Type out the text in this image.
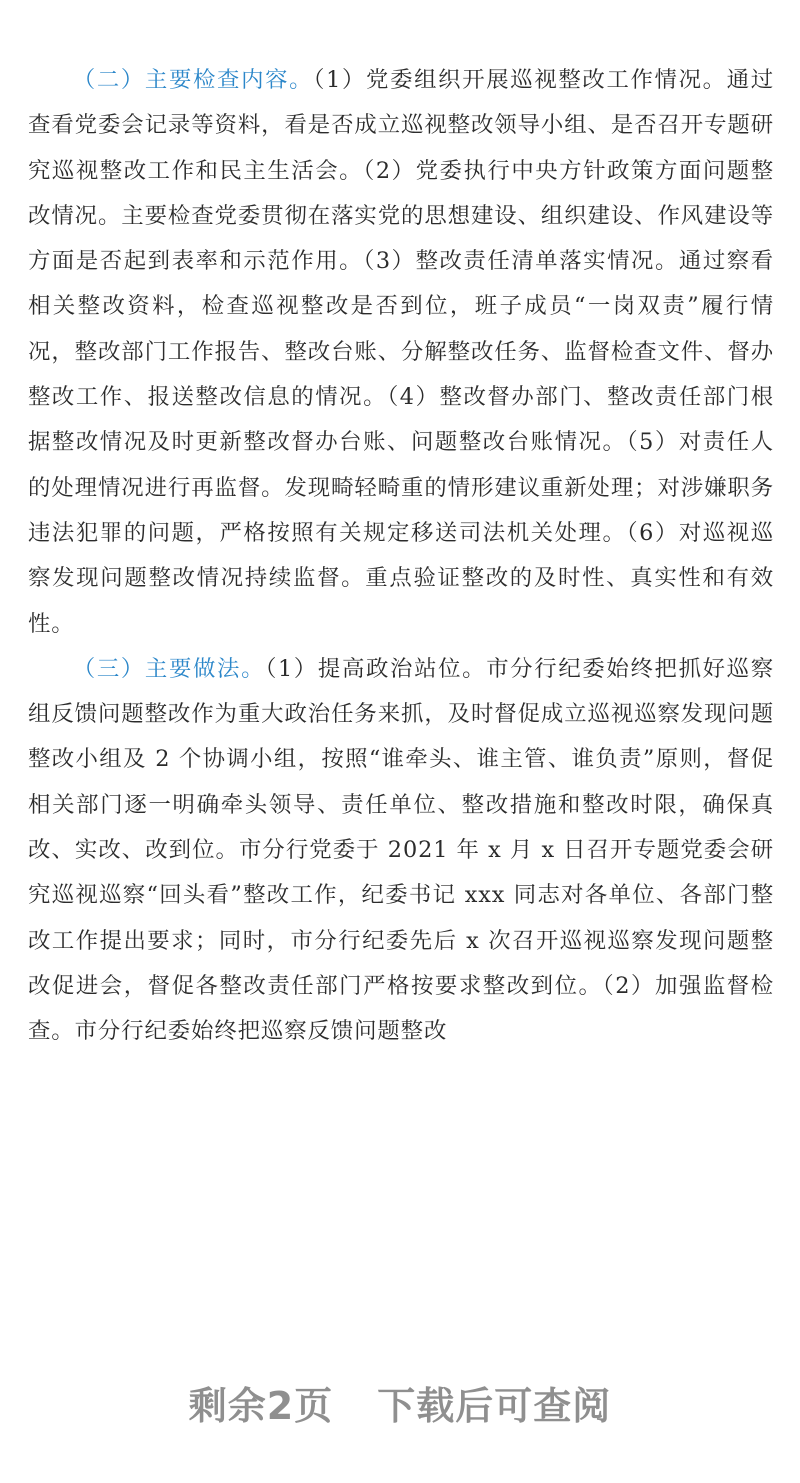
（二）主要检查内容。（1）党委组织开展巡视整改工作情况。通过查看党委会记录等资料，看是否成立巡视整改领导小组、是否召开专题研究巡视整改工作和民主生活会。（2）党委执行中央方针政策方面问题整改情况。主要检查党委贯彻在落实党的思想建设、组织建设、作风建设等方面是否起到表率和示范作用。（3）整改责任清单落实情况。通过察看相关整改资料，检查巡视整改是否到位，班子成员“一岗双责”履行情况，整改部门工作报告、整改台账、分解整改任务、监督检查文件、督办整改工作、报送整改信息的情况。（4）整改督办部门、整改责任部门根据整改情况及时更新整改督办台账、问题整改台账情况。（5）对责任人的处理情况进行再监督。发现畸轻畸重的情形建议重新处理；对涉嫌职务违法犯罪的问题，严格按照有关规定移送司法机关处理。（6）对巡视巡察发现问题整改情况持续监督。重点验证整改的及时性、真实性和有效性。

（三）主要做法。（1）提高政治站位。市分行纪委始终把抓好巡察组反馈问题整改作为重大政治任务来抓，及时督促成立巡视巡察发现问题整改小组及 2 个协调小组，按照“谁牵头、谁主管、谁负责”原则，督促相关部门逐一明确牵头领导、责任单位、整改措施和整改时限，确保真改、实改、改到位。市分行党委于 2021 年 x 月 x 日召开专题党委会研究巡视巡察“回头看”整改工作，纪委书记 xxx 同志对各单位、各部门整改工作提出要求；同时，市分行纪委先后 x 次召开巡视巡察发现问题整改促进会，督促各整改责任部门严格按要求整改到位。（2）加强监督检查。市分行纪委始终把巡察反馈问题整改

剩余2页 下载后可查阅
